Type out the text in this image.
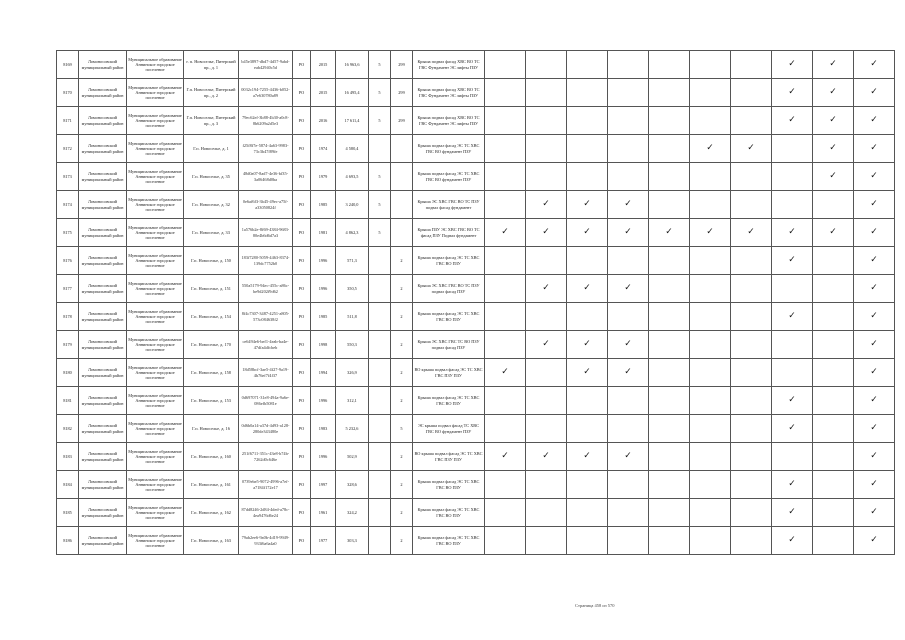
8169	Ломоносовский муниципальный район	Муниципальное образование Аннинское городское поселение	г. п. Новоселье, Питерский пр., д. 1	b45e3897-dbd7-4d57-9abd-eab42940c5d	РО	2015	16 963,6	5	299	Крыша подвал фасад ХВС ВО ТС ГВС Фундамент ЭС лифты ПЗУ								✓	✓	✓
8170	Ломоносовский муниципальный район	Муниципальное образование Аннинское городское поселение	Г.п. Новоселье, Питерский пр., д. 2	0032c194-7255-4436-b052-a7e630780a89	РО	2015	16 495,4	5	299	Крыша подвал фасад ХВС ВО ТС ГВС Фундамент ЭС лифты ПЗУ								✓	✓	✓
8171	Ломоносовский муниципальный район	Муниципальное образование Аннинское городское поселение	Г.п. Новоселье, Питерский пр., д. 3	79ec62ef-3b88-4b30-a0c8-8b6209a2d5e3	РО	2016	17 611,4	5	299	Крыша подвал фасад ХВС ВО ТС ГВС Фундамент ЭС лифты ПЗУ								✓	✓	✓
8172	Ломоносовский муниципальный район	Муниципальное образование Аннинское городское поселение	Г.п. Новоселье, д. 1	f25f8f7e-5874-4a63-9983-73c3b47f89fe	РО	1974	4 580,4			Крыша подвал фасад ЭС ТС ХВС ГВС ВО фундамент ПЗУ						✓	✓		✓	✓
8173	Ломоносовский муниципальный район	Муниципальное образование Аннинское городское поселение	Г.п. Новоселье, д. 35	48d0a07-8ad7-4e36-bf35-3a06468d0ba	РО	1979	4 693,5	5		Крыша подвал фасад ЭС ТС ХВС ГВС ВО фундамент ПЗУ									✓	✓
8174	Ломоносовский муниципальный район	Муниципальное образование Аннинское городское поселение	Г.п. Новоселье, д. 32	0e6af6f3-3b45-49ec-a75f-a33050824f	РО	1985	3 240,0	5		Крыша ЭС ХВС ГВС ВО ТС ПЗУ подвал фасад фундамент		✓	✓	✓						✓
8175	Ломоносовский муниципальный район	Муниципальное образование Аннинское городское поселение	Г.п. Новоселье, д. 33	1a576b2e-8f69-4384-9683-80e4b6d6d7a3	РО	1981	4 862,3	5		Крыша ПЗУ ЭС ХВС ГВС ВО ТС фасад ПЗУ Подвал фундамент	✓	✓	✓	✓	✓	✓	✓	✓	✓	✓
8176	Ломоносовский муниципальный район	Муниципальное образование Аннинское городское поселение	Г.п. Новоселье, д. 150	183f7280-5059-4463-8374-139dc7752b0	РО	1996	571,3		2	Крыша подвал фасад ЭС ТС ХВС ГВС ВО ПЗУ								✓		✓
8177	Ломоносовский муниципальный район	Муниципальное образование Аннинское городское поселение	Г.п. Новоселье, д. 151	550a5179-94ec-455c-a86c-be9d202f9d62	РО	1996	350,5		2	Крыша ЭС ХВС ГВС ВО ТС ПЗУ подвал фасад ПЗУ		✓	✓	✓						✓
8178	Ломоносовский муниципальный район	Муниципальное образование Аннинское городское поселение	Г.п. Новоселье, д. 154	8f4c7307-3487-4251-a805-573c084638f2	РО	1985	511,8		2	Крыша подвал фасад ЭС ТС ХВС ГВС ВО ПЗУ								✓		✓
8179	Ломоносовский муниципальный район	Муниципальное образование Аннинское городское поселение	Г.п. Новоселье, д. 170	ce6494e6-bef1-4eab-ba4e-47dfa4dfcbeb	РО	1998	550,3		2	Крыша ЭС ХВС ГВС ТС ВО ПЗУ подвал фасад ПЗУ		✓	✓	✓						✓
8180	Ломоносовский муниципальный район	Муниципальное образование Аннинское городское поселение	Г.п. Новоселье, д. 158	18d58bcf-3ae5-4f27-9a19-4b76ef7f4f37	РО	1994	326,9		2	ВО крыша подвал фасад ЭС ТС ХВС ГВС ПЗУ ПЗУ	✓		✓	✓						✓
8181	Ломоносовский муниципальный район	Муниципальное образование Аннинское городское поселение	Г.п. Новоселье, д. 153	0d697071-31e8-494a-9a6e-086efb5081e	РО	1996	312,1		2	Крыша подвал фасад ЭС ТС ХВС ГВС ВО ПЗУ								✓		✓
8182	Ломоносовский муниципальный район	Муниципальное образование Аннинское городское поселение	Г.п. Новоселье, д. 16	0d6b0a14-a37d-4d93-a128-280de343480e	РО	1983	5 232,6		5	ЭС крыша подвал фасад ТС ХВС ГВС ВО фундамент ПЗУ								✓		✓
8183	Ломоносовский муниципальный район	Муниципальное образование Аннинское городское поселение	Г.п. Новоселье, д. 160	251f6711-351c-43e8-b74b-7262d0c646e	РО	1996	502,9		2	ВО крыша подвал фасад ЭС ТС ХВС ГВС ПЗУ ПЗУ	✓	✓	✓	✓						✓
8184	Ломоносовский муниципальный район	Муниципальное образование Аннинское городское поселение	Г.п. Новоселье, д. 161	0739ebe5-9072-4996-a7ef-a7184f172e17	РО	1997	328,6		2	Крыша подвал фасад ЭС ТС ХВС ГВС ВО ПЗУ								✓		✓
8185	Ломоносовский муниципальный район	Муниципальное образование Аннинское городское поселение	Г.п. Новоселье, д. 162	87dd8246-2d84-4ded-a78c-4ea9476d6e24	РО	1961	324,2		2	Крыша подвал фасад ЭС ТС ХВС ГВС ВО ПЗУ								✓		✓
8186	Ломоносовский муниципальный район	Муниципальное образование Аннинское городское поселение	Г.п. Новоселье, д. 163	79ab2ee6-9a0b-4d19-9949-933f6a6a4a0	РО	1977	303,3		2	Крыша подвал фасад ЭС ТС ХВС ГВС ВО ПЗУ								✓		✓
Страница 458 из 570
